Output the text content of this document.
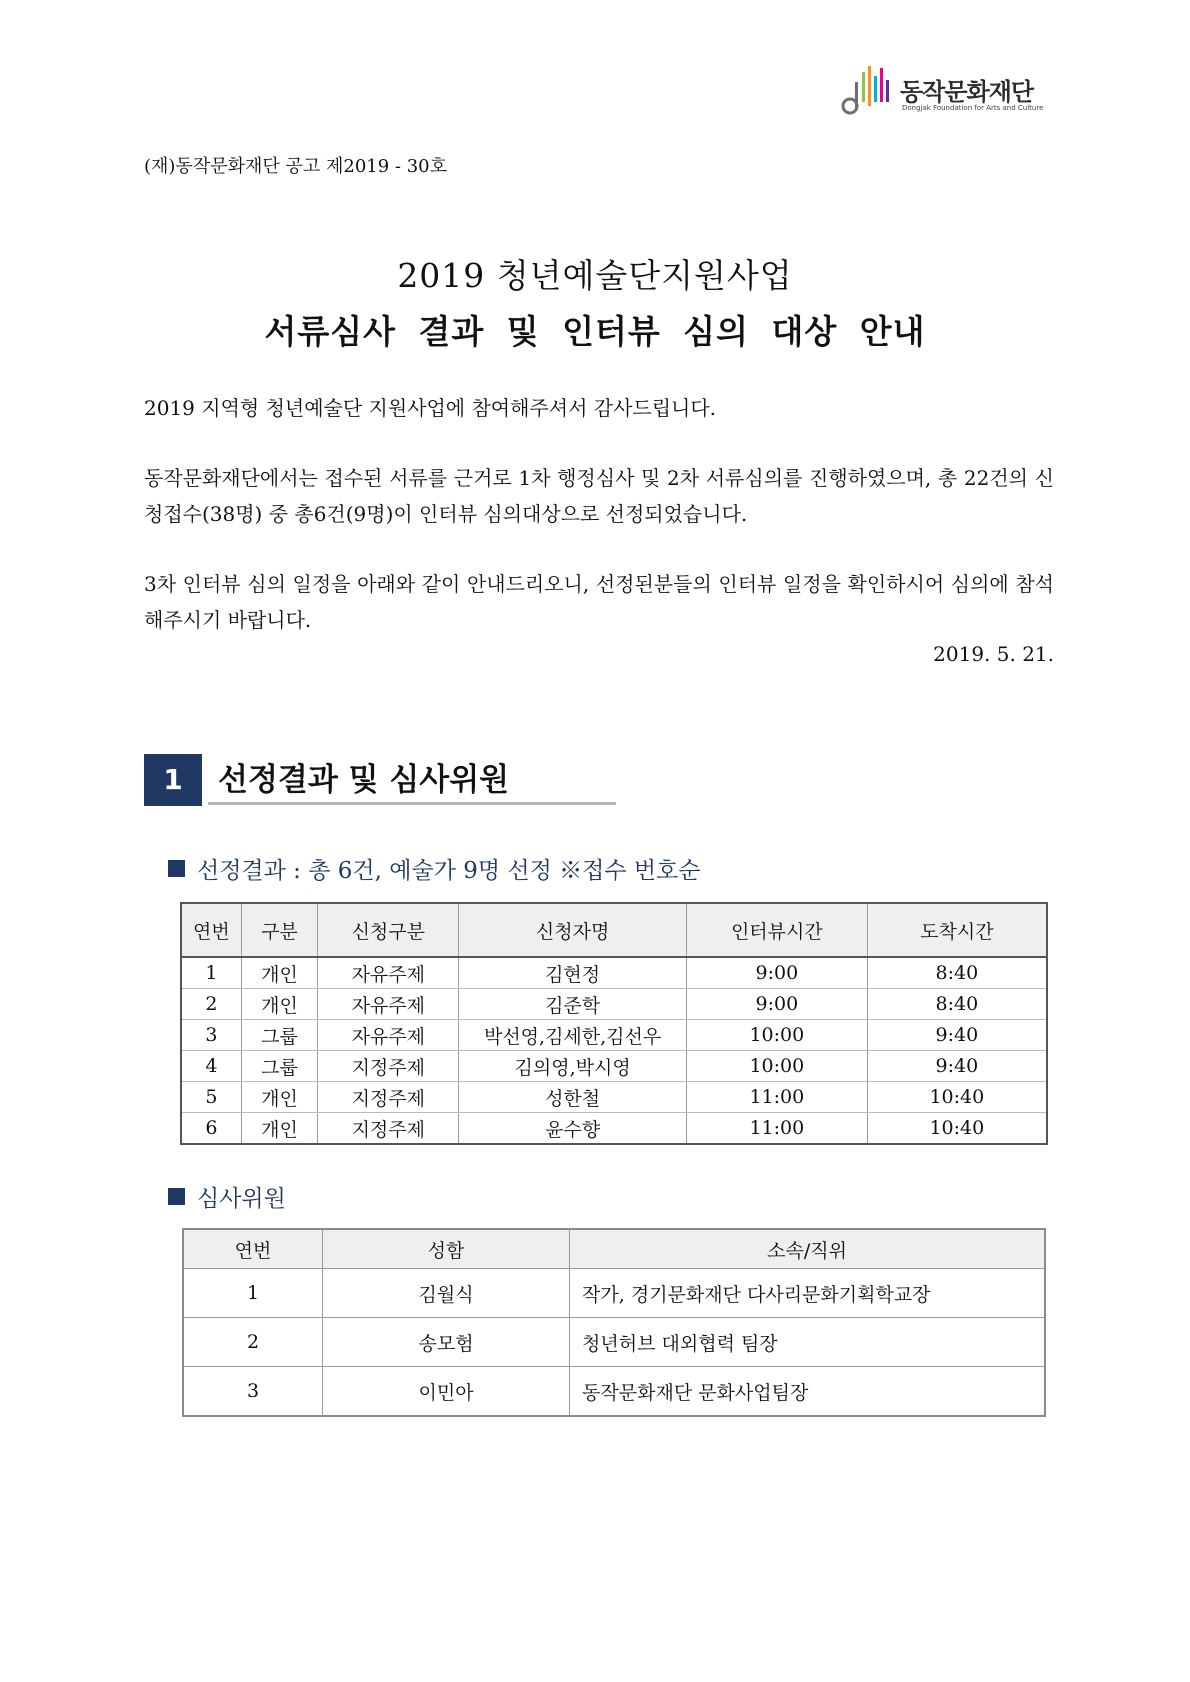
동작문화재단
Dongjak Foundation for Arts and Culture
(재)동작문화재단 공고 제2019 - 30호
2019 청년예술단지원사업
서류심사 결과 및 인터뷰 심의 대상 안내
2019 지역형 청년예술단 지원사업에 참여해주셔서 감사드립니다.
동작문화재단에서는 접수된 서류를 근거로 1차 행정심사 및 2차 서류심의를 진행하였으며, 총 22건의 신청접수(38명) 중 총6건(9명)이 인터뷰 심의대상으로 선정되었습니다.
3차 인터뷰 심의 일정을 아래와 같이 안내드리오니, 선정된분들의 인터뷰 일정을 확인하시어 심의에 참석해주시기 바랍니다.
2019. 5. 21.
1	선정결과 및 심사위원
선정결과 : 총 6건, 예술가 9명 선정 ※접수 번호순
연번	구분	신청구분	신청자명	인터뷰시간	도착시간
1	개인	자유주제	김현정	9:00	8:40
2	개인	자유주제	김준학	9:00	8:40
3	그룹	자유주제	박선영,김세한,김선우	10:00	9:40
4	그룹	지정주제	김의영,박시영	10:00	9:40
5	개인	지정주제	성한철	11:00	10:40
6	개인	지정주제	윤수향	11:00	10:40
심사위원
연번	성함	소속/직위
1	김월식	작가, 경기문화재단 다사리문화기획학교장
2	송모험	청년허브 대외협력 팀장
3	이민아	동작문화재단 문화사업팀장
